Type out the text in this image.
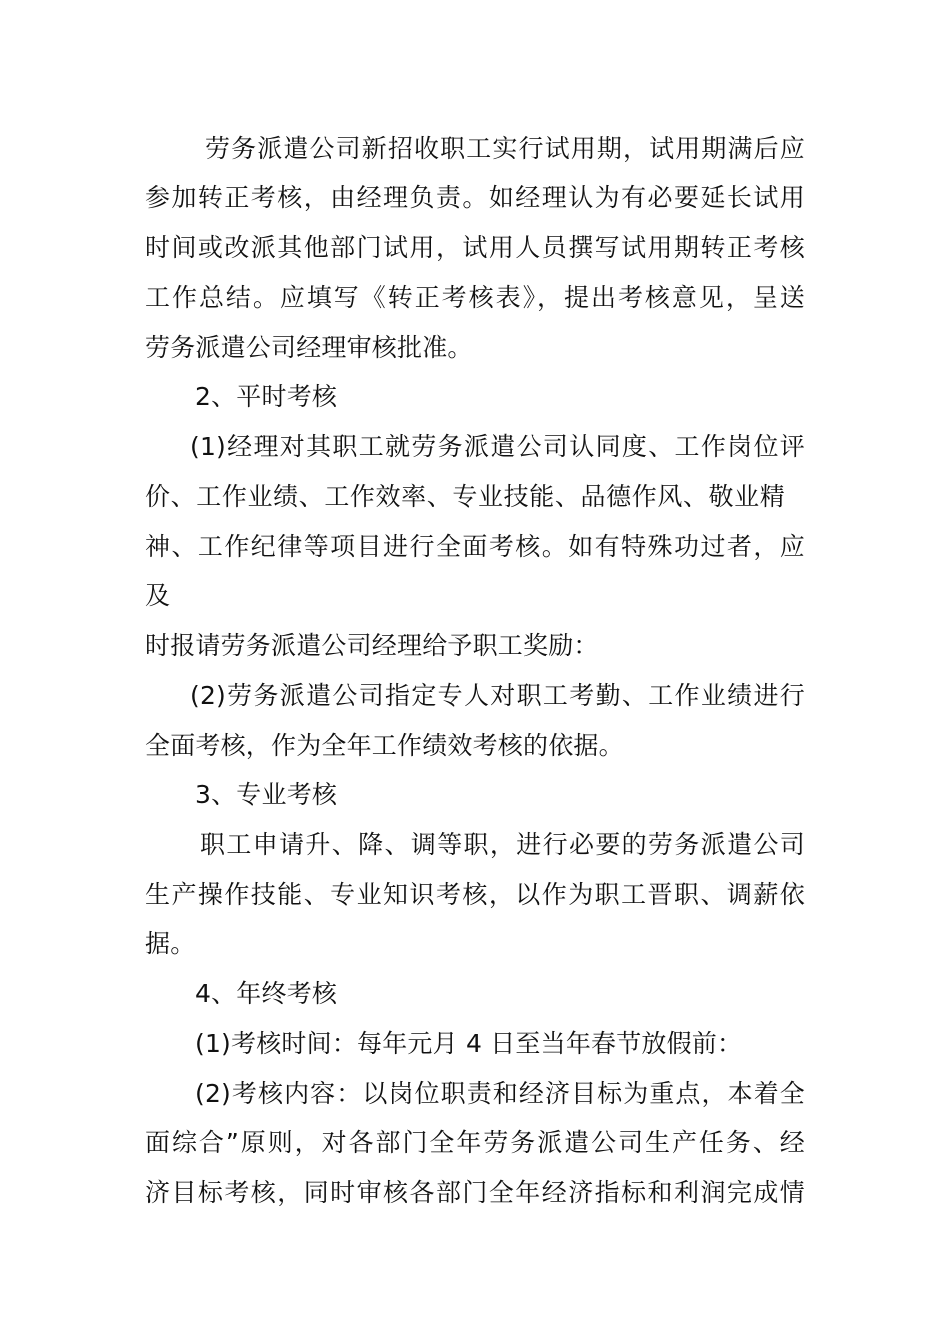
劳务派遣公司新招收职工实行试用期，试用期满后应
参加转正考核，由经理负责。如经理认为有必要延长试用
时间或改派其他部门试用，试用人员撰写试用期转正考核
工作总结。应填写《转正考核表》，提出考核意见，呈送
劳务派遣公司经理审核批准。
2、平时考核
(1)经理对其职工就劳务派遣公司认同度、工作岗位评
价、工作业绩、工作效率、专业技能、品德作风、敬业精
神、工作纪律等项目进行全面考核。如有特殊功过者，应
及
时报请劳务派遣公司经理给予职工奖励：
(2)劳务派遣公司指定专人对职工考勤、工作业绩进行
全面考核，作为全年工作绩效考核的依据。
3、专业考核
职工申请升、降、调等职，进行必要的劳务派遣公司
生产操作技能、专业知识考核，以作为职工晋职、调薪依
据。
4、年终考核
(1)考核时间：每年元月 4 日至当年春节放假前：
(2)考核内容：以岗位职责和经济目标为重点，本着全
面综合”原则，对各部门全年劳务派遣公司生产任务、经
济目标考核，同时审核各部门全年经济指标和利润完成情
